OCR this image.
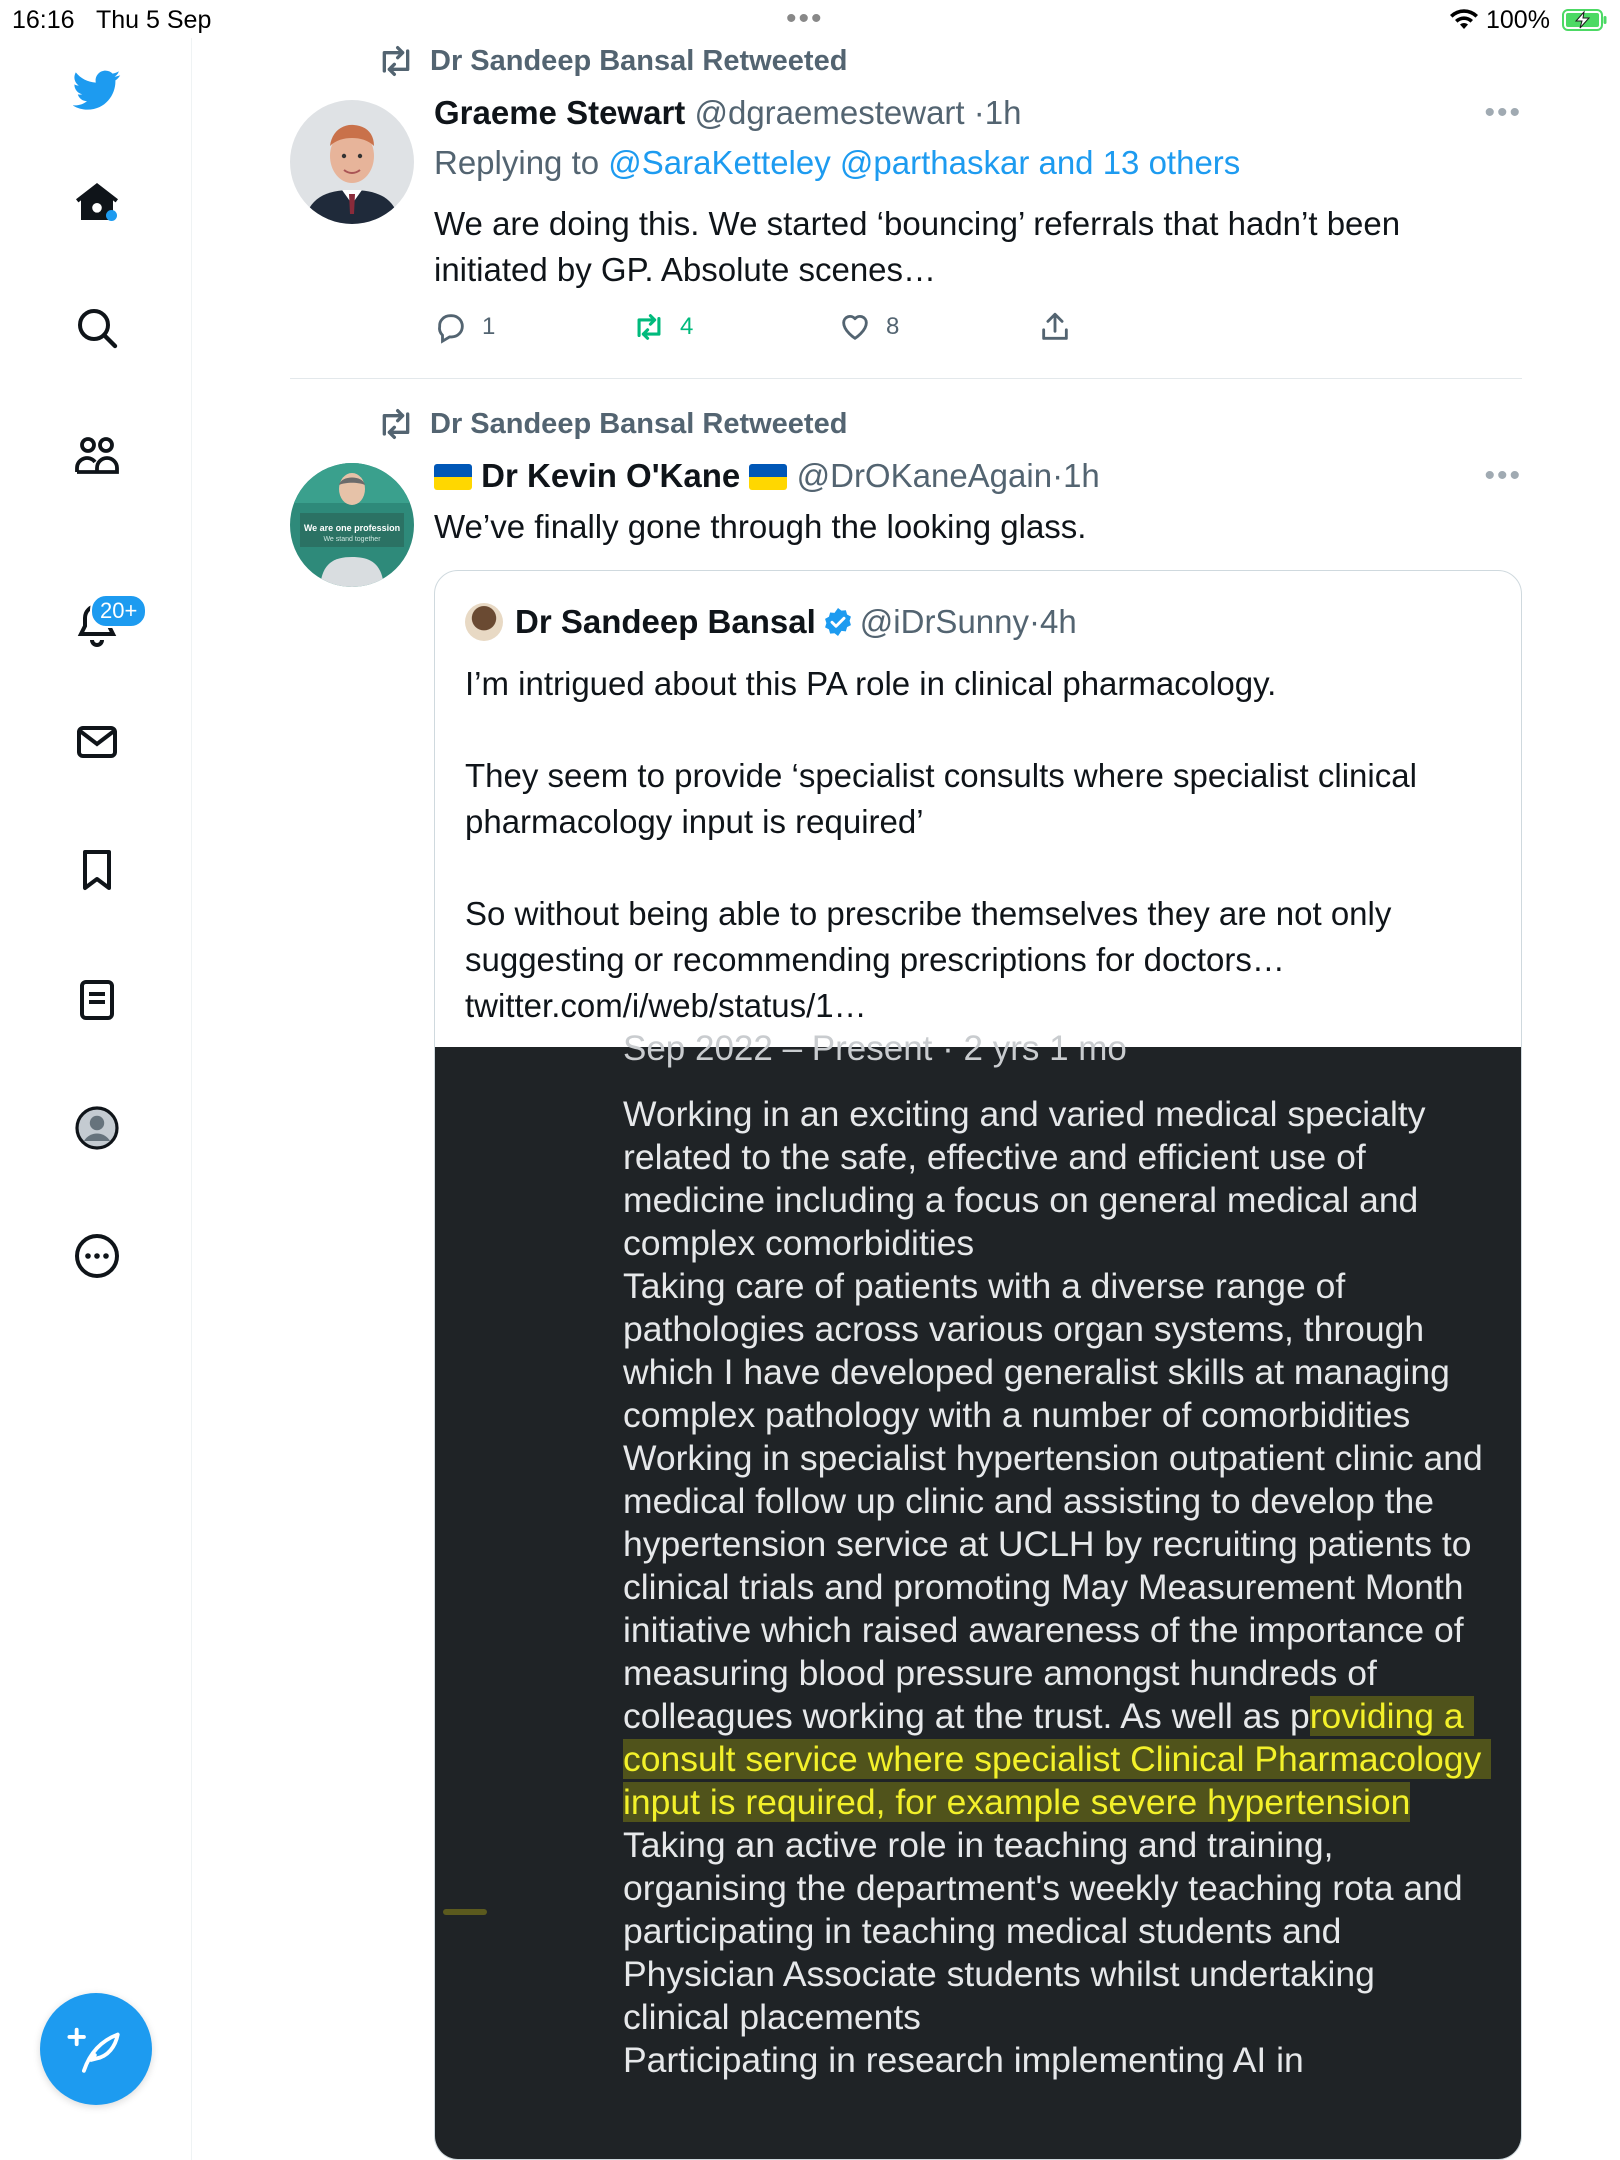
16:16 Thu 5 Sep	•••	100%
20+
Dr Sandeep Bansal Retweeted
Graeme Stewart @dgraemestewart ·1h	•••
Replying to @SaraKetteley @parthaskar and 13 others
We are doing this. We started ‘bouncing’ referrals that hadn’t been initiated by GP. Absolute scenes…
1	4	8
Dr Sandeep Bansal Retweeted
We are one profession
We stand together
Dr Kevin O'Kane @DrOKaneAgain·1h	•••
We’ve finally gone through the looking glass.
Dr Sandeep Bansal @iDrSunny · 4h
I’m intrigued about this PA role in clinical pharmacology.

They seem to provide ‘specialist consults where specialist clinical pharmacology input is required’

So without being able to prescribe themselves they are not only suggesting or recommending prescriptions for doctors…
twitter.com/i/web/status/1…
Sep 2022 – Present · 2 yrs 1 mo
Working in an exciting and varied medical specialty related to the safe, effective and efficient use of medicine including a focus on general medical and complex comorbidities
Taking care of patients with a diverse range of pathologies across various organ systems, through which I have developed generalist skills at managing complex pathology with a number of comorbidities
Working in specialist hypertension outpatient clinic and medical follow up clinic and assisting to develop the hypertension service at UCLH by recruiting patients to clinical trials and promoting May Measurement Month initiative which raised awareness of the importance of measuring blood pressure amongst hundreds of colleagues working at the trust. As well as providing a consult service where specialist Clinical Pharmacology input is required, for example severe hypertension
Taking an active role in teaching and training, organising the department's weekly teaching rota and participating in teaching medical students and Physician Associate students whilst undertaking clinical placements
Participating in research implementing AI in
